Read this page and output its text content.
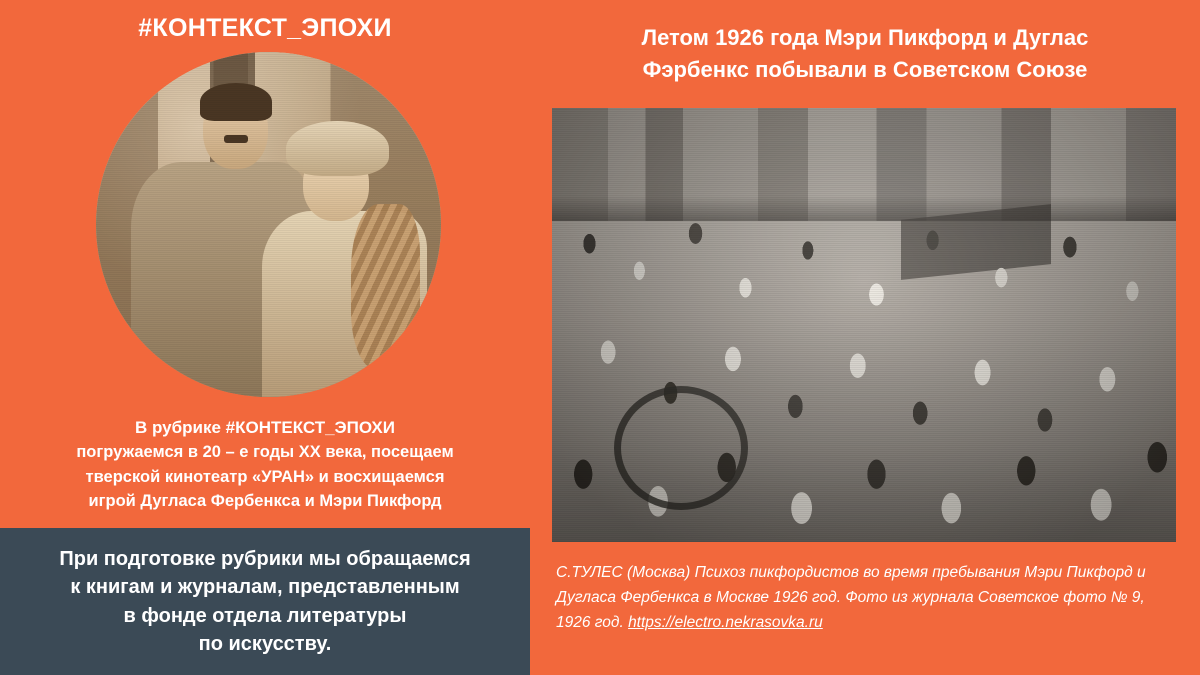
#КОНТЕКСТ_ЭПОХИ
В рубрике #КОНТЕКСТ_ЭПОХИ
погружаемся в 20 – е годы ХХ века, посещаем
тверской кинотеатр «УРАН» и восхищаемся
игрой Дугласа Фербенкса и Мэри Пикфорд
При подготовке рубрики мы обращаемся
к книгам и журналам, представленным
в фонде отдела литературы
по искусству.
Летом 1926 года Мэри Пикфорд и Дуглас
Фэрбенкс побывали в Советском Союзе
С.ТУЛЕС (Москва) Психоз пикфордистов во время пребывания Мэри Пикфорд и Дугласа Фербенкса в Москве 1926 год. Фото из журнала Советское фото № 9, 1926 год. https://electro.nekrasovka.ru
